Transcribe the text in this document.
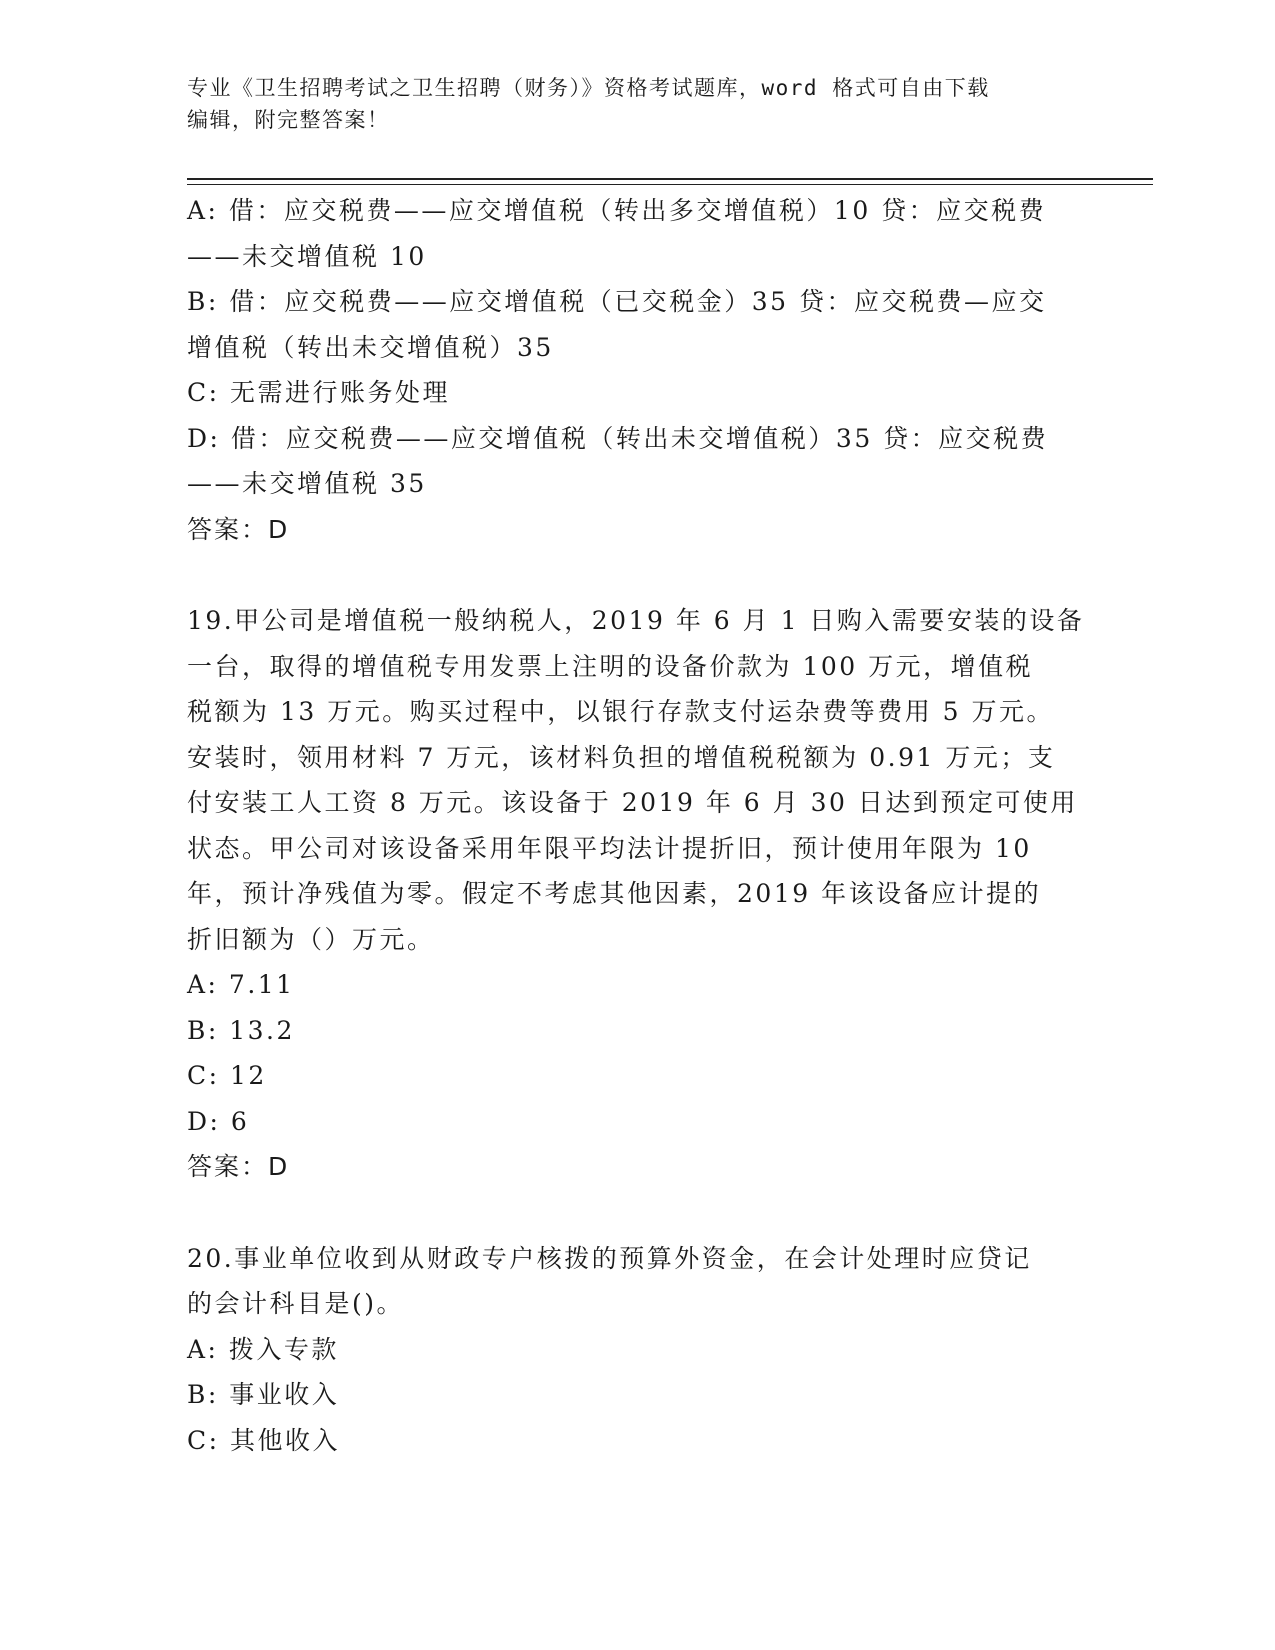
专业《卫生招聘考试之卫生招聘（财务）》资格考试题库，word 格式可自由下载
编辑，附完整答案！

A: 借：应交税费——应交增值税（转出多交增值税）10 贷：应交税费

——未交增值税 10

B: 借：应交税费——应交增值税（已交税金）35 贷：应交税费—应交

增值税（转出未交增值税）35

C: 无需进行账务处理

D: 借：应交税费——应交增值税（转出未交增值税）35 贷：应交税费

——未交增值税 35

答案：D

19.甲公司是增值税一般纳税人，2019 年 6 月 1 日购入需要安装的设备

一台，取得的增值税专用发票上注明的设备价款为 100 万元，增值税

税额为 13 万元。购买过程中，以银行存款支付运杂费等费用 5 万元。

安装时，领用材料 7 万元，该材料负担的增值税税额为 0.91 万元；支

付安装工人工资 8 万元。该设备于 2019 年 6 月 30 日达到预定可使用

状态。甲公司对该设备采用年限平均法计提折旧，预计使用年限为 10

年，预计净残值为零。假定不考虑其他因素，2019 年该设备应计提的

折旧额为（）万元。

A: 7.11

B: 13.2

C: 12

D: 6

答案：D

20.事业单位收到从财政专户核拨的预算外资金，在会计处理时应贷记

的会计科目是()。

A: 拨入专款

B: 事业收入

C: 其他收入
